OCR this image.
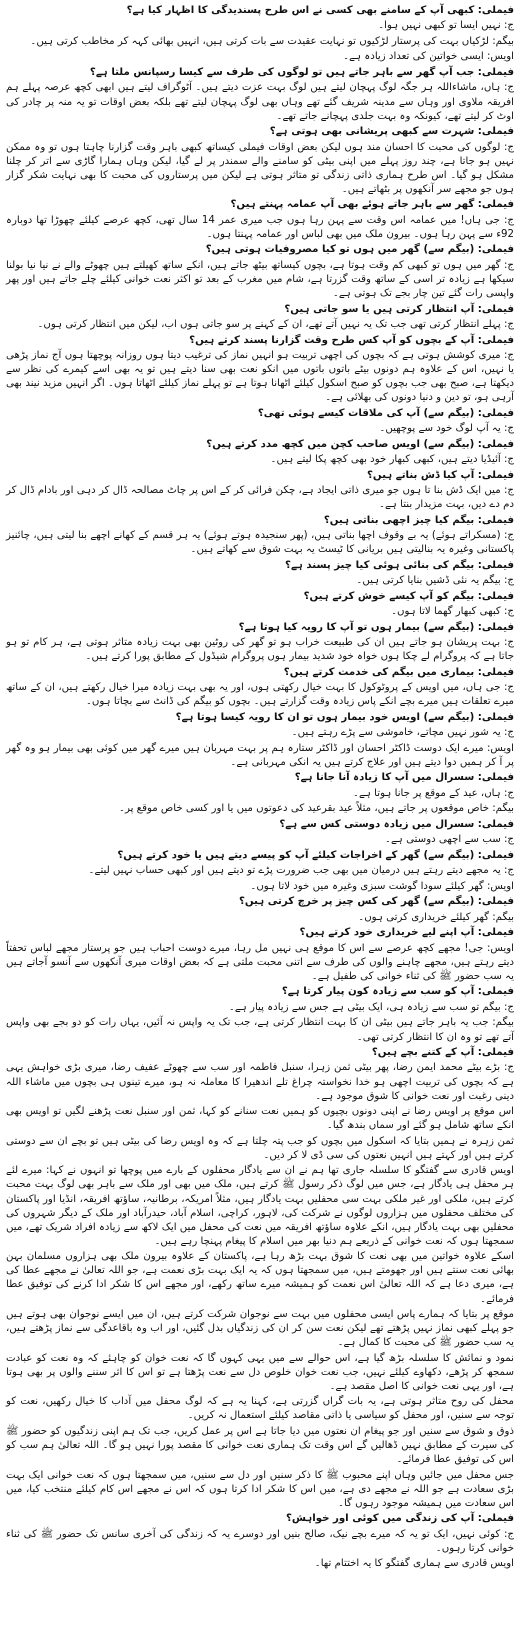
فیملی: کبھی آپ کے سامنے بھی کسی نے اس طرح پسندیدگی کا اظہار کیا ہے؟

ج: نہیں ایسا تو کبھی نہیں ہوا۔

بیگم: لڑکیاں بہت کی پرستار لڑکیوں تو نہایت عقیدت سے بات کرتی ہیں، انہیں بھائی کہہ کر مخاطب کرتی ہیں۔

اویس: ایسی خواتین کی تعداد زیادہ ہے۔

فیملی: جب آپ گھر سے باہر جاتے ہیں تو لوگوں کی طرف سے کیسا رسپانس ملتا ہے؟

ج: ہاں، ماشاءاللہ ہر جگہ لوگ پہچان لیتے ہیں لوگ بہت عزت دیتے ہیں۔ آٹوگراف لیتے ہیں ابھی کچھ عرصہ پہلے ہم افریقہ ملاوی اور وہاں سے مدینہ شریف گئے تھے وہاں بھی لوگ پہچان لیتے تھے بلکہ بعض اوقات تو یہ منہ پر چادر کی اوٹ کر لیتے تھے، کیونکہ وہ بہت جلدی پہچانے جاتے تھے۔

فیملی: شہرت سے کبھی پریشانی بھی ہوتی ہے؟

ج: لوگوں کی محبت کا احسان مند ہوں لیکن بعض اوقات فیملی کیساتھ کبھی باہر وقت گزارنا چاہتا ہوں تو وہ ممکن نہیں ہو جاتا ہے، چند روز پہلے میں اپنی بیٹی کو سامنے والے سمندر پر لے گیا، لیکن وہاں ہمارا گاڑی سے اتر کر چلنا مشکل ہو گیا۔ اس طرح ہماری ذاتی زندگی تو متاثر ہوتی ہے لیکن میں پرستاروں کی محبت کا بھی نہایت شکر گزار ہوں جو مجھے سر آنکھوں پر بٹھاتے ہیں۔

فیملی: گھر سے باہر جاتے ہوئے بھی آپ عمامہ پہنتے ہیں؟

ج: جی ہاں! میں عمامہ اس وقت سے پہن رہا ہوں جب میری عمر 14 سال تھی، کچھ عرصے کیلئے چھوڑا تھا دوبارہ 92ء سے پہن رہا ہوں۔ بیرون ملک میں بھی لباس اور عمامہ پہنتا ہوں۔

فیملی: (بیگم سے) گھر میں ہوں تو کیا مصروفیات ہوتی ہیں؟

ج: گھر میں ہوں تو کبھی کم وقت ہوتا ہے، بچوں کیساتھ بیٹھ جاتے ہیں، انکے ساتھ کھیلتے ہیں چھوٹے والے نے نیا نیا بولنا سیکھا ہے زیادہ تر اسی کے ساتھ وقت گزرتا ہے، شام میں مغرب کے بعد تو اکثر نعت خوانی کیلئے چلے جاتے ہیں اور پھر واپسی رات گئے تین چار بجے تک ہوتی ہے۔

فیملی: آپ انتظار کرتی ہیں یا سو جاتی ہیں؟

ج: پہلے انتظار کرتی تھی جب تک یہ نہیں آتے تھے، ان کے کہنے پر سو جاتی ہوں اب، لیکن میں انتظار کرتی ہوں۔

فیملی: آپ کے بچوں کو آپ کس طرح وقت گزارنا پسند کرتے ہیں؟

ج: میری کوشش ہوتی ہے کہ بچوں کی اچھی تربیت ہو انہیں نماز کی ترغیب دیتا ہوں روزانہ پوچھتا ہوں آج نماز پڑھی یا نہیں، اس کے علاوہ ہم دونوں بیٹے باتوں باتوں میں انکو نعت بھی سنا دیتے ہیں تو یہ بھی اسے کیمرے کی نظر سے دیکھتا ہے، صبح بھی جب بچوں کو صبح اسکول کیلئے اٹھانا ہوتا ہے تو پہلے نماز کیلئے اٹھاتا ہوں۔ اگر انہیں مزید نیند بھی آرہی ہو، تو دین و دنیا دونوں کی بھلائی ہے۔

فیملی: (بیگم سے) آپ کی ملاقات کیسے ہوئی تھی؟

ج: یہ آپ لوگ خود سے پوچھیں۔

فیملی: (بیگم سے) اویس صاحب کچن میں کچھ مدد کرتے ہیں؟

ج: آئیڈیا دیتے ہیں، کبھی کبھار خود بھی کچھ پکا لیتے ہیں۔

فیملی: آپ کیا ڈش بناتے ہیں؟

ج: میں ایک ڈش بنا تا ہوں جو میری ذاتی ایجاد ہے، چکن فرائی کر کے اس پر چاٹ مصالحہ ڈال کر دہی اور بادام ڈال کر دم دے دیں، بہت مزیدار بنتا ہے۔

فیملی: بیگم کیا چیز اچھی بناتی ہیں؟

ج: (مسکراتے ہوئے) یہ بے وقوف اچھا بناتی ہیں، (پھر سنجیدہ ہوتے ہوئے) یہ ہر قسم کے کھانے اچھے بنا لیتی ہیں، چائنیز پاکستانی وغیرہ یہ بنالیتی ہیں بریانی کا ٹیسٹ یہ بہت شوق سے کھاتے ہیں۔

فیملی: بیگم کی بنائی ہوئی کیا چیز پسند ہے؟

ج: بیگم یہ نئی ڈشیں بنایا کرتی ہیں۔

فیملی: بیگم کو آپ کیسے خوش کرتے ہیں؟

ج: کبھی کبھار گھما لاتا ہوں۔

فیملی: (بیگم سے) بیمار ہوں تو آپ کا رویہ کیا ہوتا ہے؟

ج: بہت پریشان ہو جاتے ہیں ان کی طبیعت خراب ہو تو گھر کی روٹین بھی بہت زیادہ متاثر ہوتی ہے، ہر کام تو ہو جاتا ہے کہ پروگرام لے چکا ہوں خواہ خود شدید بیمار ہوں پروگرام شیڈول کے مطابق پورا کرتے ہیں۔

فیملی: بیماری میں بیگم کی خدمت کرتے ہیں؟

ج: جی ہاں، میں اویس کے پروٹوکول کا بہت خیال رکھتی ہوں، اور یہ بھی بہت زیادہ میرا خیال رکھتے ہیں، ان کے ساتھ میرے تعلقات ہیں میرے بچے انکے پاس زیادہ وقت گزارتے ہیں۔ بچوں کو بیگم کی ڈانٹ سے بچاتا ہوں۔

فیملی: (بیگم سے) اویس خود بیمار ہوں تو ان کا رویہ کیسا ہوتا ہے؟

ج: یہ شور نہیں مچاتے، خاموشی سے پڑے رہتے ہیں۔

اویس: میرے ایک دوست ڈاکٹر احسان اور ڈاکٹر ستارہ ہم پر بہت مہربان ہیں میرے گھر میں کوئی بھی بیمار ہو وہ گھر پر آ کر ہمیں دوا دیتے ہیں اور علاج کرتے ہیں یہ انکی مہربانی ہے۔

فیملی: سسرال میں آپ کا زیادہ آنا جانا ہے؟

ج: ہاں، عید کے موقع پر جانا ہوتا ہے۔

بیگم: خاص موقعوں پر جاتے ہیں، مثلاً عید بقرعید کی دعوتوں میں یا اور کسی خاص موقع پر۔

فیملی: سسرال میں زیادہ دوستی کس سے ہے؟

ج: سب سے اچھی دوستی ہے۔

فیملی: (بیگم سے) گھر کے اخراجات کیلئے آپ کو پیسے دیتے ہیں یا خود کرتے ہیں؟

ج: یہ مجھے دیتے رہتے ہیں درمیان میں بھی جب ضرورت پڑے تو دیتے ہیں اور کبھی حساب نہیں لیتے۔

اویس: گھر کیلئے سودا گوشت سبزی وغیرہ میں خود لاتا ہوں۔

فیملی: (بیگم سے) گھر کی کس چیز پر خرچ کرتی ہیں؟

بیگم: گھر کیلئے خریداری کرتی ہوں۔

فیملی: آپ اپنے لیے خریداری خود کرتے ہیں؟

اویس: جی! مجھے کچھ عرصے سے اس کا موقع ہی نہیں مل رہا، میرے دوست احباب ہیں جو پرستار مجھے لباس تحفتاً دیتے رہتے ہیں، مجھے چاہنے والوں کی طرف سے اتنی محبت ملتی ہے کہ بعض اوقات میری آنکھوں سے آنسو آجاتے ہیں یہ سب حضور ﷺ کی ثناء خوانی کی طفیل ہے۔

فیملی: آپ کو سب سے زیادہ کون پیار کرتا ہے؟

ج: بیگم تو سب سے زیادہ ہی، ایک بیٹی ہے جس سے زیادہ پیار ہے۔

بیگم: جب یہ باہر جاتے ہیں بیٹی ان کا بہت انتظار کرتی ہے، جب تک یہ واپس نہ آئیں، یہاں رات کو دو بجے بھی واپس آتے تھے تو وہ ان کا انتظار کرتی تھی۔

فیملی: آپ کے کتنے بچے ہیں؟

ج: بڑے بیٹے محمد ایمن رضا، پھر بیٹی ثمن زہرا، سنبل فاطمہ اور سب سے چھوٹے عفیف رضا، میری بڑی خواہش یہی ہے کہ بچوں کی تربیت اچھی ہو خدا نخواستہ چراغ تلے اندھیرا کا معاملہ نہ ہو، میرے تینوں ہی بچوں میں ماشاء اللہ دینی رغبت اور نعت خوانی کا شوق موجود ہے۔

اس موقع پر اویس رضا نے اپنی دونوں بچیوں کو ہمیں نعت سنانے کو کہا، ثمن اور سنبل نعت پڑھنے لگیں تو اویس بھی انکے ساتھ شامل ہو گئے اور سماں بندھ گیا۔

ثمن زہرہ نے ہمیں بتایا کہ اسکول میں بچوں کو جب پتہ چلتا ہے کہ وہ اویس رضا کی بیٹی ہیں تو بچے ان سے دوستی کرتے ہیں اور کہتے ہیں انہیں نعتوں کی سی ڈی لا کر دیں۔

اویس قادری سے گفتگو کا سلسلہ جاری تھا ہم نے ان سے یادگار محفلوں کے بارے میں پوچھا تو انہوں نے کہا: میرے لئے ہر محفل ہی یادگار ہے، جس میں لوگ ذکر رسول ﷺ کرتے ہیں، ملک میں بھی اور ملک سے باہر بھی لوگ بہت محبت کرتے ہیں، ملکی اور غیر ملکی بہت سی محفلیں بہت یادگار ہیں، مثلاً امریکہ، برطانیہ، ساؤتھ افریقہ، انڈیا اور پاکستان کی مختلف محفلوں میں ہزاروں لوگوں نے شرکت کی، لاہور، کراچی، اسلام آباد، حیدرآباد اور ملک کے دیگر شہروں کی محفلیں بھی بہت یادگار ہیں، انکے علاوہ ساؤتھ افریقہ میں نعت کی محفل میں ایک لاکھ سے زیادہ افراد شریک تھے، میں سمجھتا ہوں کہ نعت خوانی کے ذریعے ہم دنیا بھر میں اسلام کا پیغام پہنچا رہے ہیں۔

اسکے علاوہ خواتین میں بھی نعت کا شوق بہت بڑھ رہا ہے، پاکستان کے علاوہ بیرون ملک بھی ہزاروں مسلمان بہن بھائی نعت سنتے ہیں اور جھومتے ہیں، میں سمجھتا ہوں کہ یہ ایک بہت بڑی نعمت ہے، جو اللہ تعالیٰ نے مجھے عطا کی ہے، میری دعا ہے کہ اللہ تعالیٰ اس نعمت کو ہمیشہ میرے ساتھ رکھے، اور مجھے اس کا شکر ادا کرنے کی توفیق عطا فرمائے۔

موقع پر بتایا کہ ہمارے پاس ایسی محفلوں میں بہت سے نوجوان شرکت کرتے ہیں، ان میں ایسے نوجوان بھی ہوتے ہیں جو پہلے کبھی نماز نہیں پڑھتے تھے لیکن نعت سن کر ان کی زندگیاں بدل گئیں، اور اب وہ باقاعدگی سے نماز پڑھتے ہیں، یہ سب حضور ﷺ کی محبت کا کمال ہے۔

نمود و نمائش کا سلسلہ بڑھ گیا ہے، اس حوالے سے میں یہی کہوں گا کہ نعت خوان کو چاہئے کہ وہ نعت کو عبادت سمجھ کر پڑھے، دکھاوے کیلئے نہیں، جب نعت خوان خلوص دل سے نعت پڑھتا ہے تو اس کا اثر سننے والوں پر بھی ہوتا ہے، اور یہی نعت خوانی کا اصل مقصد ہے۔

محفل کی روح متاثر ہوتی ہے، یہ بات گراں گزرتی ہے، کہنا یہ ہے کہ لوگ محفل میں آداب کا خیال رکھیں، نعت کو توجہ سے سنیں، اور محفل کو سیاسی یا ذاتی مقاصد کیلئے استعمال نہ کریں۔

ذوق و شوق سے سنیں اور جو پیغام ان نعتوں میں دیا جاتا ہے اس پر عمل کریں، جب تک ہم اپنی زندگیوں کو حضور ﷺ کی سیرت کے مطابق نہیں ڈھالیں گے اس وقت تک ہماری نعت خوانی کا مقصد پورا نہیں ہو گا۔ اللہ تعالیٰ ہم سب کو اس کی توفیق عطا فرمائے۔

جس محفل میں جائیں وہاں اپنے محبوب ﷺ کا ذکر سنیں اور دل سے سنیں، میں سمجھتا ہوں کہ نعت خوانی ایک بہت بڑی سعادت ہے جو اللہ نے مجھے دی ہے، میں اس کا شکر ادا کرتا ہوں کہ اس نے مجھے اس کام کیلئے منتخب کیا، میں اس سعادت میں ہمیشہ موجود رہوں گا۔

فیملی: آپ کی زندگی میں کوئی اور خواہش؟

ج: کوئی نہیں، ایک تو یہ کہ میرے بچے نیک، صالح بنیں اور دوسرے یہ کہ زندگی کی آخری سانس تک حضور ﷺ کی ثناء خوانی کرتا رہوں۔

اویس قادری سے ہماری گفتگو کا یہ اختتام تھا۔
